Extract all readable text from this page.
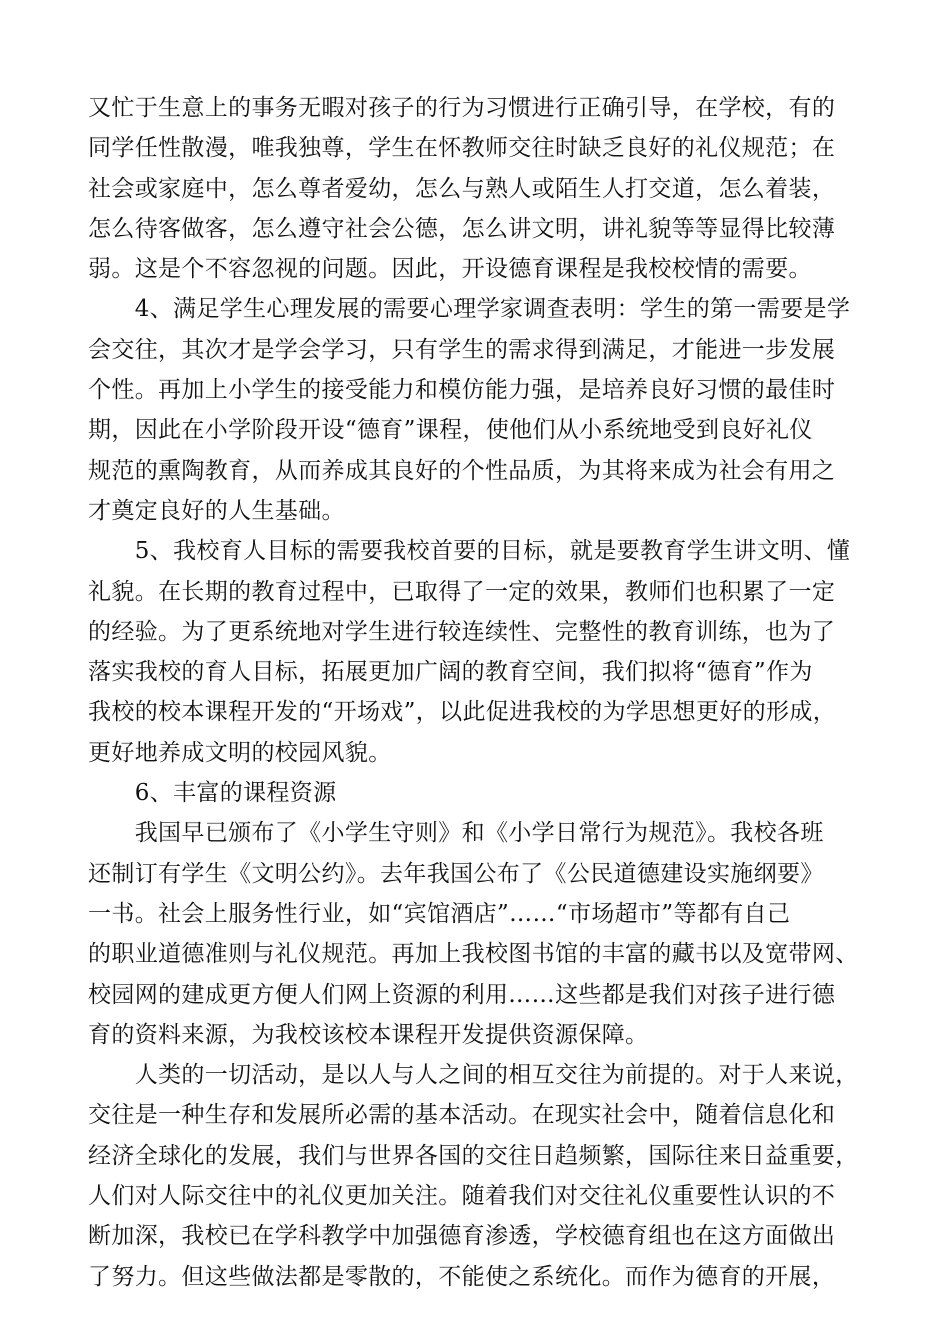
又忙于生意上的事务无暇对孩子的行为习惯进行正确引导，在学校，有的
同学任性散漫，唯我独尊，学生在怀教师交往时缺乏良好的礼仪规范；在
社会或家庭中，怎么尊者爱幼，怎么与熟人或陌生人打交道，怎么着装，
怎么待客做客，怎么遵守社会公德，怎么讲文明，讲礼貌等等显得比较薄
弱。这是个不容忽视的问题。因此，开设德育课程是我校校情的需要。
　　4、满足学生心理发展的需要心理学家调查表明：学生的第一需要是学
会交往，其次才是学会学习，只有学生的需求得到满足，才能进一步发展
个性。再加上小学生的接受能力和模仿能力强，是培养良好习惯的最佳时
期，因此在小学阶段开设“德育”课程，使他们从小系统地受到良好礼仪
规范的熏陶教育，从而养成其良好的个性品质，为其将来成为社会有用之
才奠定良好的人生基础。
　　5、我校育人目标的需要我校首要的目标，就是要教育学生讲文明、懂
礼貌。在长期的教育过程中，已取得了一定的效果，教师们也积累了一定
的经验。为了更系统地对学生进行较连续性、完整性的教育训练，也为了
落实我校的育人目标，拓展更加广阔的教育空间，我们拟将“德育”作为
我校的校本课程开发的“开场戏”，以此促进我校的为学思想更好的形成，
更好地养成文明的校园风貌。
　　6、丰富的课程资源
　　我国早已颁布了《小学生守则》和《小学日常行为规范》。我校各班
还制订有学生《文明公约》。去年我国公布了《公民道德建设实施纲要》
一书。社会上服务性行业，如“宾馆酒店”……“市场超市”等都有自己
的职业道德准则与礼仪规范。再加上我校图书馆的丰富的藏书以及宽带网、
校园网的建成更方便人们网上资源的利用……这些都是我们对孩子进行德
育的资料来源，为我校该校本课程开发提供资源保障。
　　人类的一切活动，是以人与人之间的相互交往为前提的。对于人来说，
交往是一种生存和发展所必需的基本活动。在现实社会中，随着信息化和
经济全球化的发展，我们与世界各国的交往日趋频繁，国际往来日益重要，
人们对人际交往中的礼仪更加关注。随着我们对交往礼仪重要性认识的不
断加深，我校已在学科教学中加强德育渗透，学校德育组也在这方面做出
了努力。但这些做法都是零散的，不能使之系统化。而作为德育的开展，
